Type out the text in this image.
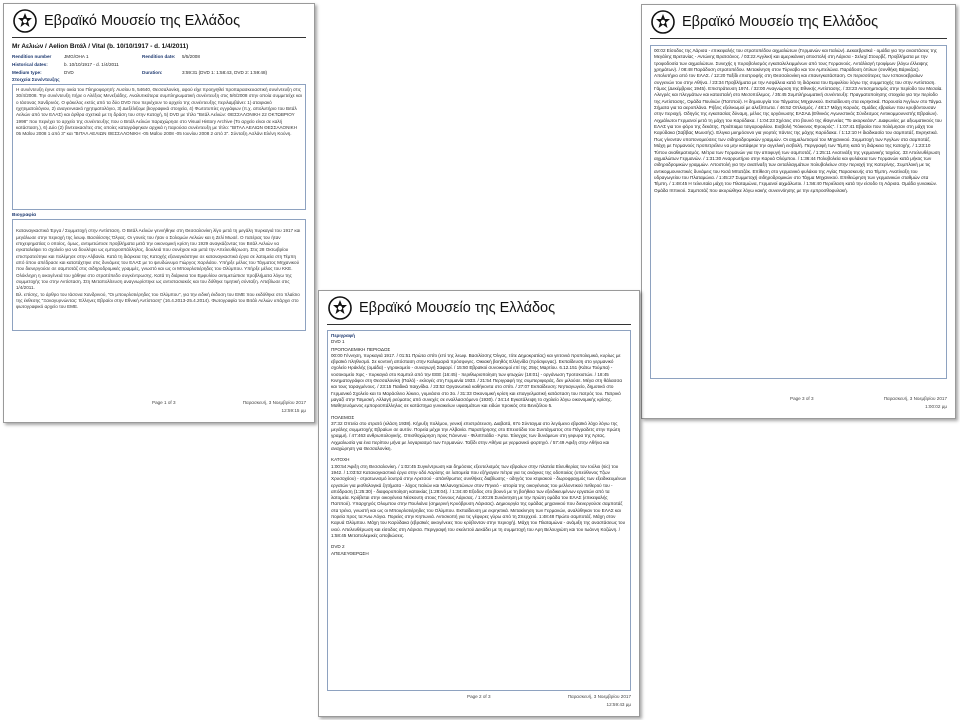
Εβραϊκό Μουσείο της Ελλάδος
Mr Aελιών / Aelion Βιτάλ / Vital (b. 10/10/1917 - d. 1/4/2011)
Rendition number	JMG/OHA 1	Rendition date:	5/5/2008
Historical dates:	b. 10/10/1917 - d. 1/4/2011
Medium type:	DVD	Duration:	3:59:31 (DVD 1: 1:58:43, DVD 2: 1:59:48)
Στοιχεία Συνέντευξης

Η συνέντευξη έγινε στην οικία του Πληροφορητή: Λυσίου 5, 54640, Θεσσαλονίκη, αφού είχε προηγηθεί προπαρασκευαστική συνέντευξη στις 30/4/2008. Την συνέντευξη πήρε ο Αλέξιος Μενεξιάδης. Αναλυτικότερα συμπληρωματική συνέντευξη στις 5/6/2008 στην οποία συμμετείχε και ο Ιάσονας Χανδρινός. Ο φάκελος εκτός από τα δύο DVD που περιέχουν το αρχείο της συνέντευξης περιλαμβάνει: 1) αταιριακό ηχητιματολόγιου, 2) αναγεννεακό ηχητιματολόγιο, 3) Διεξέλιξομε βιογραφικά στοιχεία, 4) Φωτοτυπίες εγγράφων (π.χ. απολυτήριο του Βιτάλ Αελιών από τον ΕΛΑΣ) και άρθρα σχετικά με τη δράση του στην Κατοχή, 5) DVD με τίτλο "Βιτάλ Αελιών: ΘΕΣΣΑΛΟΝΙΚΗ 22 ΟΚΤΩΒΡΙΟΥ 1998" που περιέχει το αρχείο της συνέντευξης που ο Βιτάλ Αελιών παραχώρησε στο Visual History Archive (Το αρχείο είναι σε καλή κατάσταση.), 6) Δύο (2) βιντεοκασέτες στις οποίες καταγράφηκαν αρχικά η παρούσα συνέντευξη με τίτλο: "ΒΙΤΑΛ ΑΕΛΙΩΝ ΘΕΣΣΑΛΟΝΙΚΗ 05 Μαΐου 2008 1 από 3" και "ΒΙΤΑΛ ΑΕΛΙΩΝ ΘΕΣΣΑΛΟΝΙΚΗ -05 Μαΐου 2008 -05 Ιουνίου 2008 2 από 3". Σύνταξη Ασλάνι Ελένη Κούνη.

Βιογραφία

Καταναγκαστικά Έργα / Συμμετοχή στην Αντίσταση. Ο Βιτάλ Αελιών γεννήθηκε στη Θεσσαλονίκη λίγο μετά τη μεγάλη πυρκαγιά του 1917 και μεγάλωσε στην περιοχή της λεωφ. Βασιλίσσης Όλγας. Οι γονείς του ήταν ο Σολομών Αελιών και η Ζελί Μωσέ. Ο πατέρας του ήταν επιχειρηματίας ο οποίος, όμως, αντιμετώπισε προβλήματα μετά την οικονομική κρίση του 1929 αναγκάζοντας τον Βιτάλ Αελιών να εγκαταλείψει το σχολείο για να δουλέψει ως εμποροϋπάλληλος, δουλειά που συνέχισε και μετά την Απελευθέρωση. Στις 28 Οκτωβρίου επιστρατεύτηκε και πολέμησε στην Αλβανία. Κατά τη διάρκεια της Κατοχής εξαναγκάστηκε σε καταναγκαστικά έργα σε λατομεία στη Τέμπη από όπου απέδρασε και κατατάχτηκε στις δυνάμεις του ΕΛΑΣ με το ψευδώνυμο Γιώργος Χαριλάου. Υπήρξε μέλος του Τάγματος Μηχανικού που διενεργούσε σε σαμποτάζ στις σιδηροδρομικές γραμμές, γνωστό και ως οι Μπουρλοτιέρηδες του Ολύμπου. Υπήρξε μέλος του ΚΚΕ. Ολόκληρη η οικογένειά του χάθηκε στο στρατόπεδο συγκέντρωσης. Κατά τη διάρκεια του Εμφυλίου αντιμετώπισε προβλήματα λόγω της συμμετοχής του στην Αντίσταση. Στη Μεταπολίτευση αναγνωρίστηκε ως αντιστασιακός και του δόθηκε τιμητική σύνταξη. Απεβίωσε στις 1/4/2011.
Βλ. επίσης, το άρθρο του Ιάσονα Χανδρινού, "Οι μπουρλοτιέρηδες του Ολύμπου", για την ειδική έκδοση του ΕΜΕ που εκδόθηκε στο πλαίσιο της έκθεσης "Ξαναγυρνώντας: Έλληνες Εβραίοι στην Εθνική Αντίσταση" (16.4.2013-25.4.2014). Φωτογραφία του Βιτάλ Αελιών υπάρχει στο φωτογραφικό αρχείο του ΕΜΕ.

Page 1 of 3	Παρασκευή, 3 Νοεμβρίου 2017
12:59:15 μμ
Εβραϊκό Μουσείο της Ελλάδος
00:02 Είσοδος της Λάρισα - επικεφαλής του στρατοπέδου αιχμαλώτων (Γερμανών και Ιταλών). Δεκαεβραϊκά - ομάδα για την αναστάσεις της Μεγάλης Βρετανίας - Αντώνης Βρατσάνος. / 03:22 Αγγλική και αμερικάνικη αποστολή στη Λάρισα - Σελεχί Στουρβζ. Προβλήματα με την τροφοδοσία των αιχμαλώτων. Συνεχής η πυροβολισμός εγκαταλελειμμένων από τους Γερμανούς. Αντάλλαγή τροφίμων (λόγω έλλειψης χρημάτων). / 08:48 Παράδοση στρατοπέδου. Μετακίνηση στον Τύρναβο και τον Αμπελώνα. Παράδοση όπλων (συνθήκη Βάρκιζας). Απολυτήριο από τον ΕΛΑΣ. / 12:20 Ταξίδι επιστροφής στη Θεσσαλονίκη και επανεγκατάσταση. Οι περισσότερες των Ισπανοεβραίων συγγενών του στην Αθήνα. / 23:34 Προβλήματα με την Ασφάλεια κατά τη διάρκεια του Εμφυλίου λόγω της συμμετοχής του στην Αντίσταση. Γάμος (Δεκέμβριος 1945). Επιστράτευση 1974. / 32:00 Αναγνώριση της Εθνικής Αντίστασης. / 33:23 Αντισημιτισμός στην περίοδο του Μεσαία. Αλεγρές και πλεγμάτων και κατασταλή στο Μεσοπόλεμος. / 35:45 Συμπλήρωματική συνέντευξη: Πραγματοποίησης στοιχεία για την περίοδο της Αντίστασης, Ομάδα Πουλιών (Παππού). Η δημιουργία του Τάγματος Μηχανικού. Εκπαίδευση στα εκρηκτικά. Παρουσία Άγγλων στο Τάγμα. Σήματα για τα αεροπλάνα. Ρήξεις εξελικωμοί με αλεξίπτωτα. / 46:52 Οπλισμός. / 48:17 Μάχη Καρυάς. Ομάδες εβραίων που κρυβόντουσαν στην περιοχή. Οδηγός της εγκατασίας δύναμη, μέλος της οργάνωσης ΕΑΣΑΔ (Εθνικός Αγωνιστικός Σύνδεσμος Αντικομμουνιστής Εβραίων). Αιχμάλωτοι Γερμανοί μετά τη μάχη του Καρύδακα. / 1:04:23 Σχέσεις στο βουνό της ιθαγενείας "Το ακορκεάον". Διαφωνίες με αξιωματικούς του ΕΛΑΣ για τον φόρο της δεκάτης. Πριάπιαμα τσιγαροφιλίου. Εισβολή "Κόκκινος Φρουρός". / 1:07:41 Εβραίοι που πολέμησαν στη μάχη του Καρύδακα (Σαββας Μωυσής). Ελιγκα μυημόσυνο για γιορτές πάντες της μάχης Καρύδακα. / 1:12:10 Η διαδικασία του σαμποτάζ. Εκρηκτικά. Πως γίνονταν υποπονομεύσεις των σιδηροδρομικών γραμμών. Οι αιχμαλωτισμοί του Μηχανικού. Συμμετοχή των Άγγλων στα σαμποτάζ. Μάχη με Γερμανούς προπετρέλευ να μην κατάφερε την αγγελική εισβολή. Περιγραφή των Τέμπη κατά τη διάρκεια της Κατοχής. / 1:23:10 Τύπου αναθεματισμός. Μέτρα των Γερμανών για την αποφυγή των σαμποτάζ. / 1:25:11 Ανατινάξη της γερμανικής ταχείας. 33 Απελευθέρωση αιχμαλώτων Γερμανών. / 1:31:30 Αναρρωτήριο στην Καρυά Ολύμπου. / 1:36:44 Πολυβολεία και φυλάκεια των Γερμανών κατά μήκος των σιδηροδρομικών γραμμών. Αποστολή για την ανατίναξη των ανταλλαγμάτων πολυβολείων στην περιοχή της Κατερίνης. Συμπλοκή με τις αντικομμουνιστικές δυνάμεις του Κισά Μπατζάκ. Επίθεση στο γερμανικό φυλάκιο της Αγίας Παρασκευής στα Τέμπη. Ανατίναξη του υδραγωγείου του Πλαταμώνα. / 1:45:27 Συμμετοχή σιδηροδρομικών στο Τάγμα Μηχανικού. Επιθεώρηση των γερμανικών σταθμών στα Τέμπη. / 1:48:45 Η τελευταία μάχη του Πλαταμώνα, Γερμανοί αιχμάλωτοι. / 1:56:40 Περιέλαση κατά την είσοδο τη Λάρισα. Ομάδα γυναικών. Ομάδα Ιππικού. Σαμποτάζ που ακυρώθηκε λόγω κακής συνεννόησης με την εμπροσθοφυλακή.
Page 3 of 3	Παρασκευή, 3 Νοεμβρίου 2017
1:00:02 μμ
Εβραϊκό Μουσείο της Ελλάδος
Περιγραφή
DVD 1
ΠΡΟΠΟΛΕΜΙΚΗ ΠΕΡΙΟΔΟΣ
00:00 Γέννηση, πυρκαγιά 1917. / 01:51 Πρώτα σπίτι (επί της λεωφ. Βασιλίσσης Όλγας, τότε Δημοκρατίας) και γειτονιά προπολεμικά, κυρίως με εβραϊκό πληθυσμό. Σε κοντινή απόσταση στην Καλαμαριά πρόσφυγες. Οικιακή βοηθός Ελληνίδα (πρόσφυγας). Εκπαίδευση στο γερμανικό σχολείο Ηράκλής (ομάδα) - γηροκομείο - συναγωγή Σαφαρί. / 15:50 Εβραϊκοί συνοικισμοί επί της 25ης Μαρτίου. 6.12.151 (Κάτω Τούμπα) - νοσοκομείο Χιρς - πυρκαγιά στο Καμπελ από την ΕΕΕ (16:45) - περιθωριοποίηση των φτωχών (18:01) - οργάνωση Τροτσκιστών. / 18:45 Κινηματογράφοι στη Θεσσαλονίκη (Παλό) - εκλογές στη Γερμανία 1933. / 21:54 Περιγραφή της συμπεριφοράς, δεν μιλούσε. Μέγα στη θάλασσα και τους ταραγμένους. / 23:15 Παιδικά παιχνίδια. / 23:52 Οργανωτικά καθήκοντα στο σπίτι. / 27:07 Εκπαίδευση: Νηπιαγωγείο, δημοτικό στο Γερμανικό Σχολείο και το Μαράσλειο λύκειο, γυμνάσιο στο 3ο. / 31:33 Οικονομική κρίση και επαγγελματική κατάσταση του πατρός του. Πατρικό μαγαζί στην Τσιμισκή. Αλλαγή ρεύματος από συνεχές σε εναλλασσόμενο (1930). / 34:14 Εγκατάλειψη το σχολείο λόγω οικονομικής κρίσης. Μαθητευόμενος εμποροϋπάλληλος σε κατάστημα γυναικείων υφασμάτων και ειδών προικός στο Βενιζέλου 5.
ΠΟΛΕΜΟΣ
37:32 Οπτεία στο στρατό (κλάση 1938). Κήρυξη πολέμου, γενική επιστράτευση. Διαβατά, 67ο Σύνταγμα στο λεγόμενο εβραϊκό λόχο λόγω της μεγάλης συμμετοχής Εβραίων σε αυτόν. Πορεία μέχρι την Αλβανία. Παρατήρησης στο Επεισόδιο του Συντάγματος στο Πόγραδετς στην πρώτη γραμμή. / 47:463 ανθρωπολογικής. Οπισθοχώρηση προς Γιάννενα - Φιλιππιάδα - Άρτα. Έλεγχος των δυνάμεων στη γεφυρα της Άρτας. Αιχμαλωσία για ένα περίπου μήνα με λογαριασμό των Γερμανών. Ταξίδι στην Αθήνα με γερμανικό φορτηγό. / 57:49 Αφιξη στην Αθήνα και αναχώρηση για Θεσσαλονίκη.
ΚΑΤΟΧΗ
1:00:54 Άφιξη στη Θεσσαλονίκη. / 1:02:45 Συγκέντρωση και δημόσιος εξευτελισμός των εβραίων στην πλατεία Ελευθερίας τον Ιούλιο (sic) του 1942. / 1:03:52 Καταναγκαστικά έργα στην οδό Λαρίσης σε λατομεία που εξήγαγαν πέτρα για τις ανάγκες της οδοποιίας (υπεύθυνος Τζων Χρυσοχόου) - στρατωνισμό λουτρά στην Αρετσού - απάνθρωπες συνθήκες διαβίωσης - οδηγός του κτιριακού - δωροφραγμός των εξειδικευμένων εργατών για μισθολογικά ζητήματα - λόχος Ιταλών και Μελανοχιτώνων στον Πηνειό - ιστορία της οικογένειας του μελλοντικού πεθερού του - απόδραση (1:25:30) - διαφοροποίηση κατοικίας (1:28:04). / 1:34:40 Εξοδος στο βουνό με τη βοήθεια των εξειδικευμένων εργατών από τα λατομεία. Κρύβεται στην οικογένεια Νέσκουτη στους Γόννους Λάρισας. / 1:40:26 Συνάντηση με την πρώτη ομάδα του ΕΛΑΣ (επικεφαλής Παππού). Υπαρχηγός Ολυμπου στην Πουλιάνα (σημερινή Κρυόβρυση Λάρισας). Δημιουργία της ομάδας μηχανικού που διενεργούσε σαμποτάζ στα τρένα, γνωστή και ως οι Μπουρλοτιέρηδες του Ολύμπου. Εκπαίδευση με εκρηκτικά. Μετακίνηση των Γερμανών, αναλύθηκαν του ΕΛΑΣ και πορεία προς τα Άνω Λόγια. Πορείες στην Κηπωνιά. Αντισκοπή για τις γέφυρες γύρω από τη Σπερχειό. 1:48:48 Πρώτο σαμποτάζ. Μάχη στον Καρυά Ολύμπου. Μάχη του Καρύδακα (εβραϊκές οικογένειες που κρύβονταν στην περιοχή). Μάχη του Πλαταμώνα - ανάμιξη της αναστάσεως του υιού. Απελευθέρωση και είσοδος στη Λάρισα. Περιγραφή του σκελετού Δεκάδει με τη συμμετοχή του Αρη Βελουχιώτη και του Ιωάννη Κοζώνη. / 1:58:45 Μεταπολεμικές αποβιώσεις.
DVD 2
ΑΠΕΛΕΥΘΕΡΩΣΗ
Page 2 of 3	Παρασκευή, 3 Νοεμβρίου 2017
12:59:43 μμ
